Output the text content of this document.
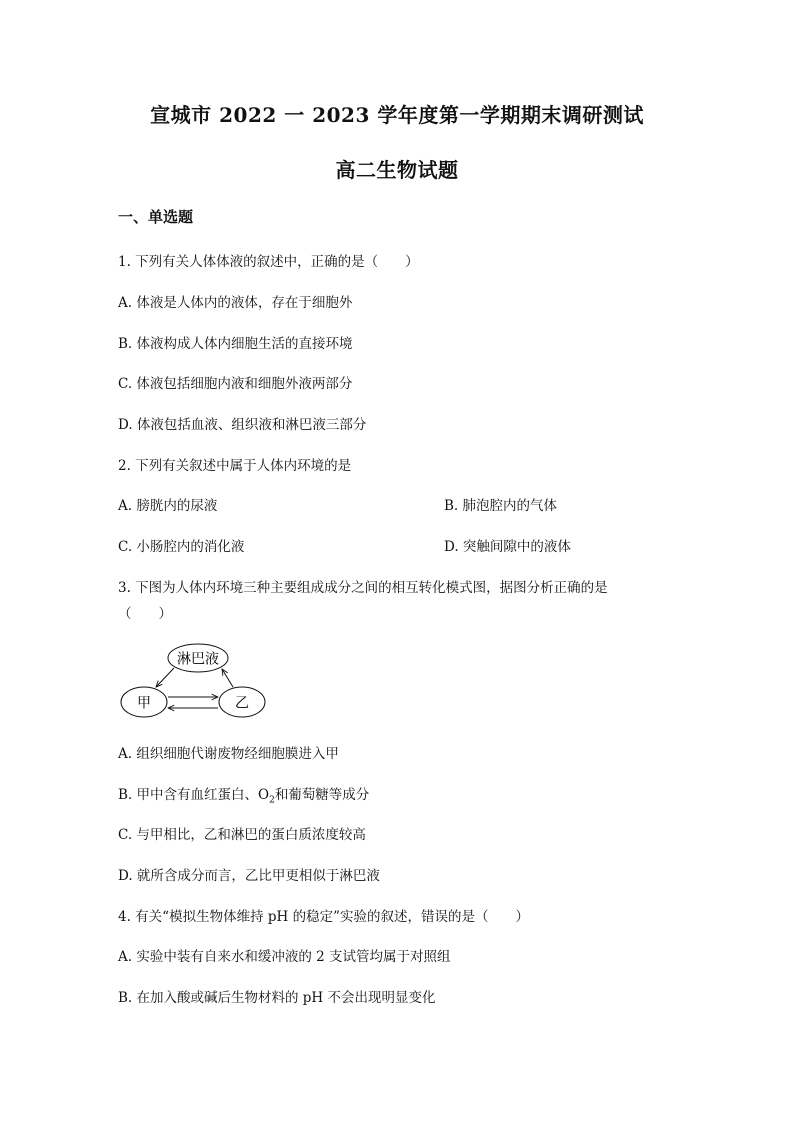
宣城市 2022 一 2023 学年度第一学期期末调研测试
高二生物试题
一、单选题
1. 下列有关人体体液的叙述中，正确的是（　　）
A. 体液是人体内的液体，存在于细胞外
B. 体液构成人体内细胞生活的直接环境
C. 体液包括细胞内液和细胞外液两部分
D. 体液包括血液、组织液和淋巴液三部分
2. 下列有关叙述中属于人体内环境的是
A. 膀胱内的尿液	B. 肺泡腔内的气体
C. 小肠腔内的消化液	D. 突触间隙中的液体
3. 下图为人体内环境三种主要组成成分之间的相互转化模式图，据图分析正确的是
（　　）
淋巴液
甲	乙
A. 组织细胞代谢废物经细胞膜进入甲
B. 甲中含有血红蛋白、$O_2$和葡萄糖等成分
C. 与甲相比，乙和淋巴的蛋白质浓度较高
D. 就所含成分而言，乙比甲更相似于淋巴液
4. 有关“模拟生物体维持 pH 的稳定”实验的叙述，错误的是（　　）
A. 实验中装有自来水和缓冲液的 2 支试管均属于对照组
B. 在加入酸或碱后生物材料的 pH 不会出现明显变化
